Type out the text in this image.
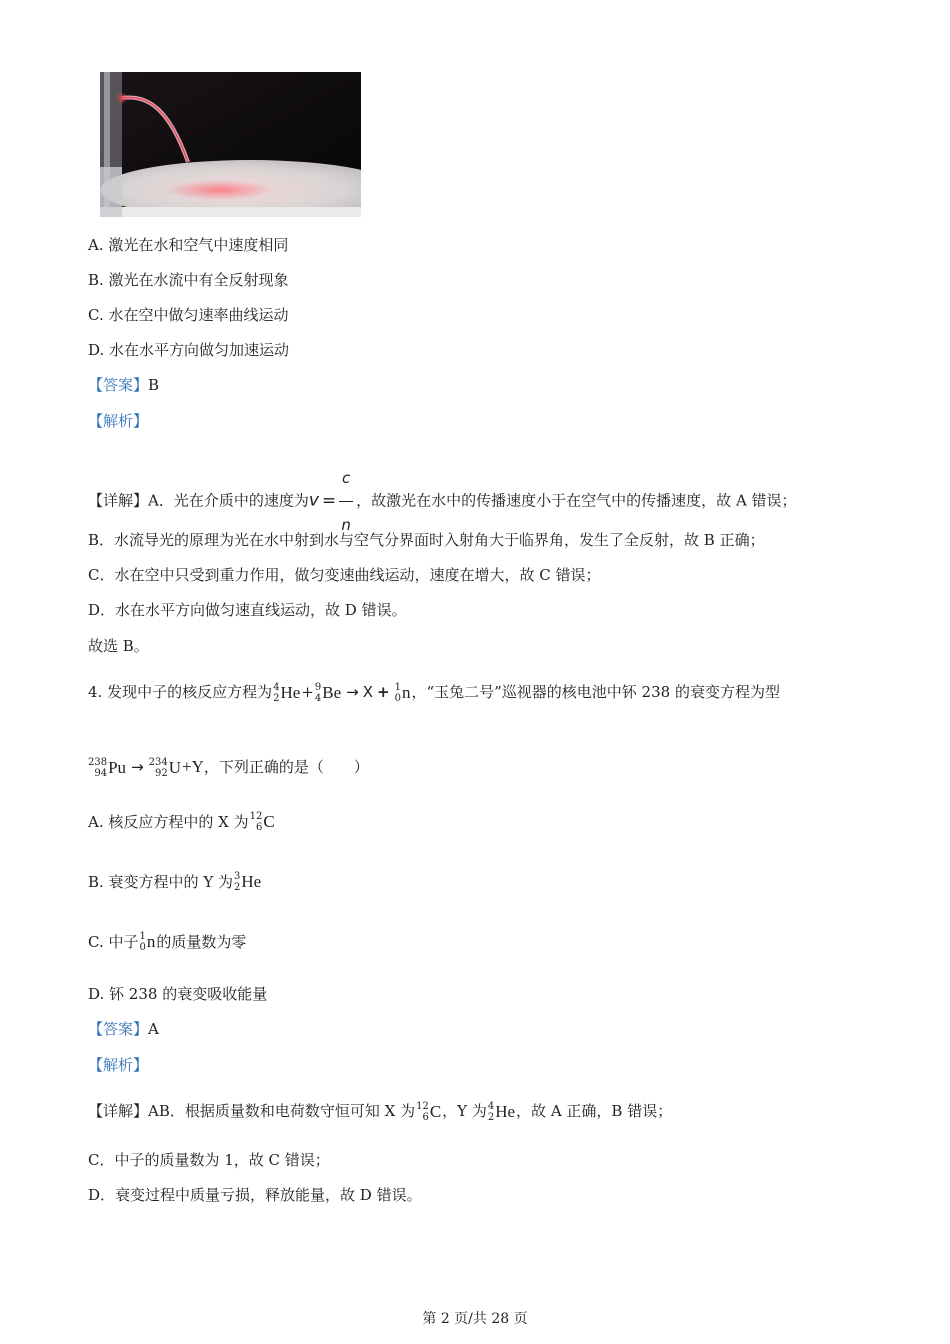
A. 激光在水和空气中速度相同
B. 激光在水流中有全反射现象
C. 水在空中做匀速率曲线运动
D. 水在水平方向做匀加速运动
【答案】B
【解析】
【详解】A．光在介质中的速度为$v = \frac{c}{n}$ ，故激光在水中的传播速度小于在空气中的传播速度，故 A 错误；
B．水流导光的原理为光在水中射到水与空气分界面时入射角大于临界角，发生了全反射，故 B 正确；
C．水在空中只受到重力作用，做匀变速曲线运动，速度在增大，故 C 错误；
D．水在水平方向做匀速直线运动，故 D 错误。
故选 B。
4. 发现中子的核反应方程为 4
2 He + 9
4 Be → X + 1
0 n ，“玉兔二号”巡视器的核电池中钚 238 的衰变方程为型
238
94 Pu → 234
92 U +Y，下列正确的是（　　）
A. 核反应方程中的 X 为 12
6 C
B. 衰变方程中的 Y 为 3
2 He
C. 中子 1
0 n 的质量数为零
D. 钚 238 的衰变吸收能量
【答案】A
【解析】
【详解】AB．根据质量数和电荷数守恒可知 X 为 12
6 C ，Y 为 4
2 He ，故 A 正确，B 错误；
C．中子的质量数为 1，故 C 错误；
D．衰变过程中质量亏损，释放能量，故 D 错误。
第 2 页/共 28 页
